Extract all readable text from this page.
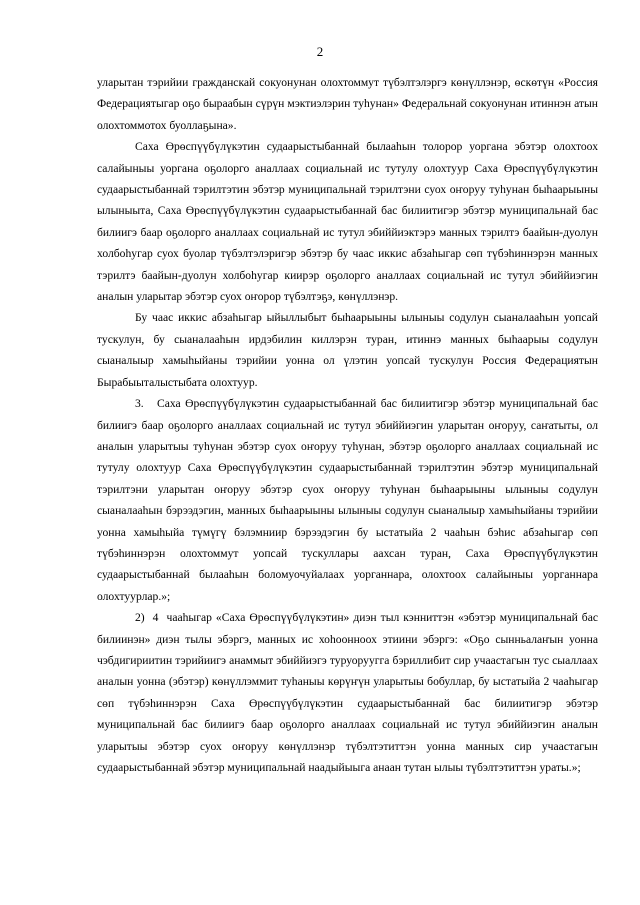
2

уларытан тэрийии гражданскай сокуонунан олохтоммут түбэлтэлэргэ көнүллэнэр, өскөтүн «Россия Федерациятыгар оҕо быраабын сүрүн мэктиэлэрин туһунан» Федеральнай сокуонунан итиннэн атын олохтоммотох буоллаҕына».

Саха Өрөспүүбүлүкэтин судаарыстыбаннай былааһын толорор уоргана эбэтэр олохтоох салайыныы уоргана оҕолорго аналлаах социальнай ис тутулу олохтуур Саха Өрөспүүбүлүкэтин судаарыстыбаннай тэрилтэтин эбэтэр муниципальнай тэрилтэни суох оҥоруу туһунан быһаарыыны ылыныыта, Саха Өрөспүүбүлүкэтин судаарыстыбаннай бас билиитигэр эбэтэр муниципальнай бас билиигэ баар оҕолорго аналлаах социальнай ис тутул эбиййиэктэрэ манных тэрилтэ баайын-дуолун холбоһугар суох буолар түбэлтэлэригэр эбэтэр бу чаас иккис абзаһыгар сөп түбэһиннэрэн манных тэрилтэ баайын-дуолун холбоһугар киирэр оҕолорго аналлаах социальнай ис тутул эбиййиэгин аналын уларытар эбэтэр суох оҥорор түбэлтэҕэ, көнүллэнэр.

Бу чаас иккис абзаһыгар ыйыллыбыт быһаарыыны ылыныы содулун сыаналааһын уопсай тускулун, бу сыаналааһын ирдэбилин киллэрэн туран, итиннэ манных быһаарыы содулун сыаналыыр хамыһыйаны тэрийии уонна ол үлэтин уопсай тускулун Россия Федерациятын Бырабыыталыстыбата олохтуур.

3.   Саха Өрөспүүбүлүкэтин судаарыстыбаннай бас билиитигэр эбэтэр муниципальнай бас билиигэ баар оҕолорго аналлаах социальнай ис тутул эбиййиэгин уларытан оҥоруу, саҥатыты, ол аналын уларытыы туһунан эбэтэр суох оҥоруу туһунан, эбэтэр оҕолорго аналлаах социальнай ис тутулу олохтуур Саха Өрөспүүбүлүкэтин судаарыстыбаннай тэрилтэтин эбэтэр муниципальнай тэрилтэни уларытан оҥоруу эбэтэр суох оҥоруу туһунан быһаарыыны ылыныы содулун сыаналааһын бэрээдэгин, манных быһаарыыны ылыныы содулун сыаналыыр хамыһыйаны тэрийии уонна хамыһыйа түмүгү бэлэмниир бэрээдэгин бу ыстатыйа 2 чааһын бэһис абзаһыгар сөп түбэһиннэрэн олохтоммут уопсай тускуллары аахсан туран, Саха Өрөспүүбүлүкэтин судаарыстыбаннай былааһын боломуочуйалаах уорганнара, олохтоох салайыныы уорганнара олохтуурлар.»;

2)  4  чааһыгар «Саха Өрөспүүбүлүкэтин» диэн тыл кэнниттэн «эбэтэр муниципальнай бас билиинэн» диэн тылы эбэргэ, манных ис хоһоонноох этиини эбэргэ: «Оҕо сынньалаҥын уонна чэбдигириитин тэрийиигэ анаммыт эбиййиэгэ туруоруугга бэриллибит сир учаастагын тус сыаллаах аналын уонна (эбэтэр) көнүллэммит туһаныы көрүҥүн уларытыы бобуллар, бу ыстатыйа 2 чааһыгар сөп түбэһиннэрэн Саха Өрөспүүбүлүкэтин судаарыстыбаннай бас билиитигэр эбэтэр муниципальнай бас билиигэ баар оҕолорго аналлаах социальнай ис тутул эбиййиэгин аналын уларытыы эбэтэр суох оҥоруу көнүллэнэр түбэлтэтиттэн уонна манных сир учаастагын судаарыстыбаннай эбэтэр муниципальнай наадыйыыга анаан тутан ылыы түбэлтэтиттэн ураты.»;
